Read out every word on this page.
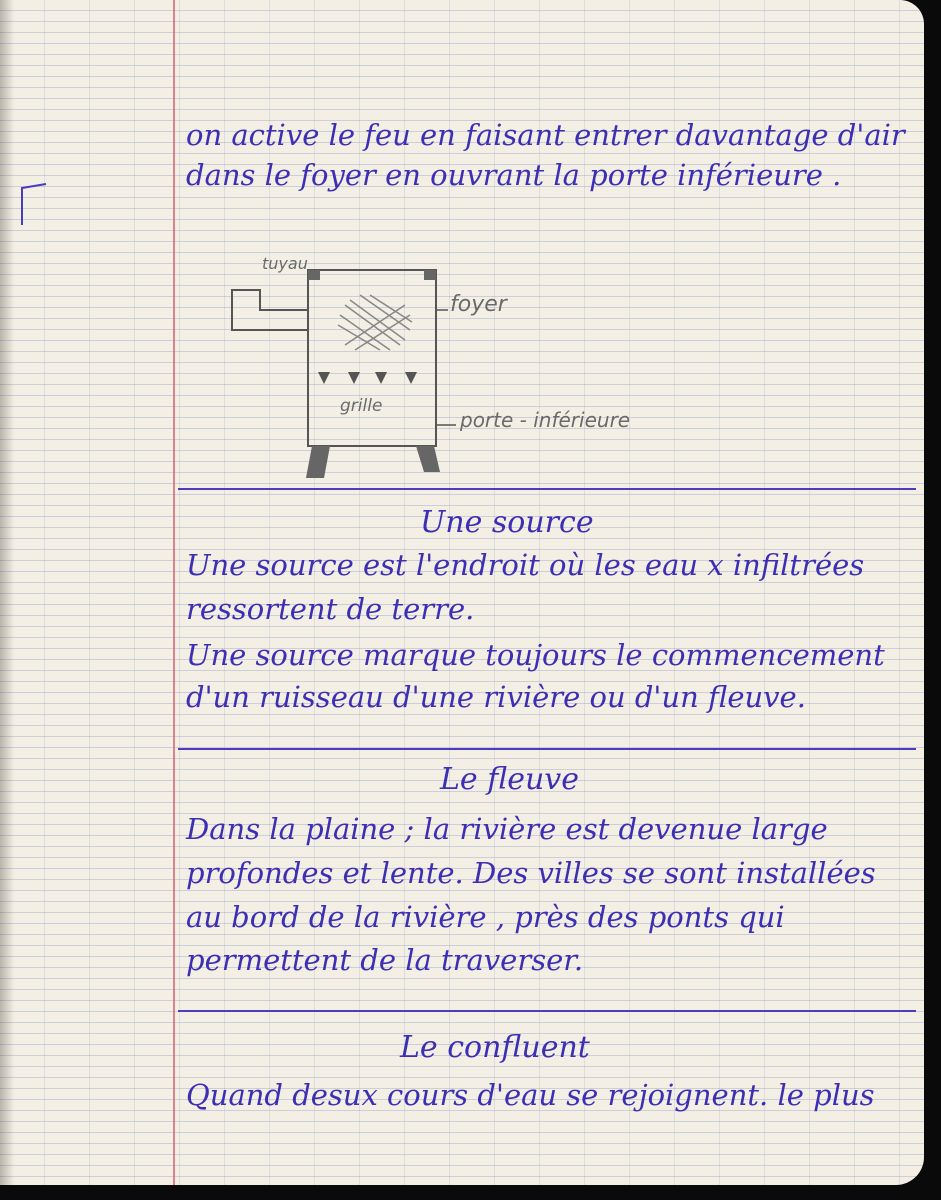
on active le feu en faisant entrer davantage d'air
dans le foyer en ouvrant la porte inférieure .
tuyau
foyer
grille
porte - inférieure
Une source
Une source est l'endroit où les eau x infiltrées
ressortent de terre.
Une source marque toujours le commencement
d'un ruisseau d'une rivière ou d'un fleuve.
Le fleuve
Dans la plaine ; la rivière est devenue large
profondes et lente. Des villes se sont installées
au bord de la rivière , près des ponts qui
permettent de la traverser.
Le confluent
Quand desux cours d'eau se rejoignent. le plus
